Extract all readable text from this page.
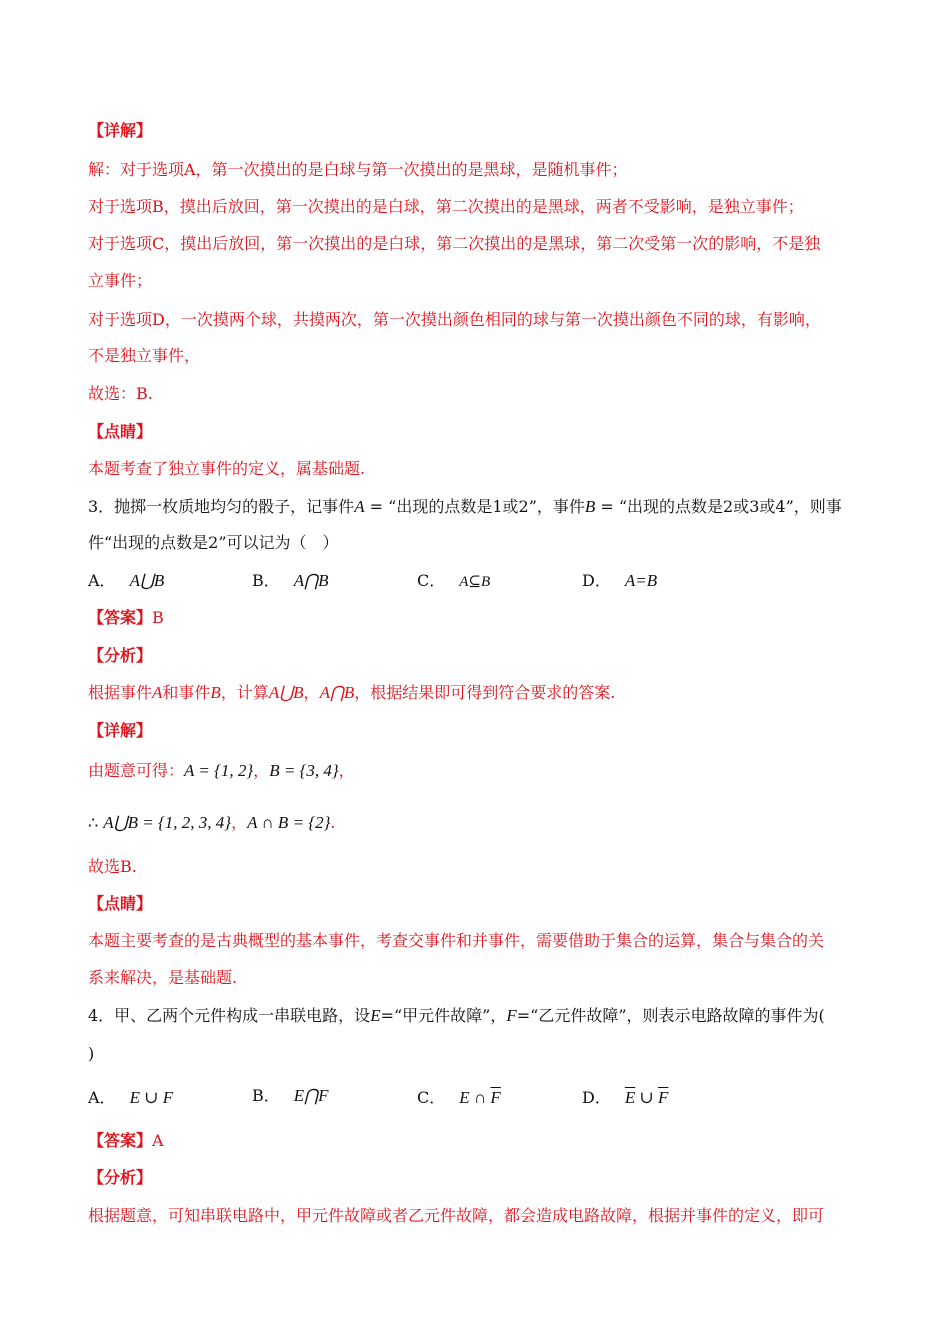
【详解】
解：对于选项A，第一次摸出的是白球与第一次摸出的是黑球，是随机事件；
对于选项B，摸出后放回，第一次摸出的是白球，第二次摸出的是黑球，两者不受影响，是独立事件；
对于选项C，摸出后放回，第一次摸出的是白球，第二次摸出的是黑球，第二次受第一次的影响，不是独
立事件；
对于选项D，一次摸两个球，共摸两次，第一次摸出颜色相同的球与第一次摸出颜色不同的球，有影响，
不是独立事件，
故选：B.
【点睛】
本题考查了独立事件的定义，属基础题.
3．抛掷一枚质地均匀的骰子，记事件A = “出现的点数是1或2”，事件B = “出现的点数是2或3或4”，则事
件“出现的点数是2”可以记为（　）
A． A⋃B	B． A⋂B	C． A⊆B	D． A=B
【答案】B
【分析】
根据事件A和事件B，计算A⋃B，A⋂B，根据结果即可得到符合要求的答案.
【详解】
由题意可得：A = {1, 2}，B = {3, 4}，
∴ A⋃B = {1, 2, 3, 4}，A ∩ B = {2}.
故选B.
【点睛】
本题主要考查的是古典概型的基本事件，考查交事件和并事件，需要借助于集合的运算，集合与集合的关
系来解决，是基础题.
4．甲、乙两个元件构成一串联电路，设E=“甲元件故障”，F=“乙元件故障”，则表示电路故障的事件为(
)
A． E ∪ F	B． E⋂F	C． E ∩ $\overline{F}$	D． $\overline{E}$ ∪ $\overline{F}$
【答案】A
【分析】
根据题意，可知串联电路中，甲元件故障或者乙元件故障，都会造成电路故障，根据并事件的定义，即可
